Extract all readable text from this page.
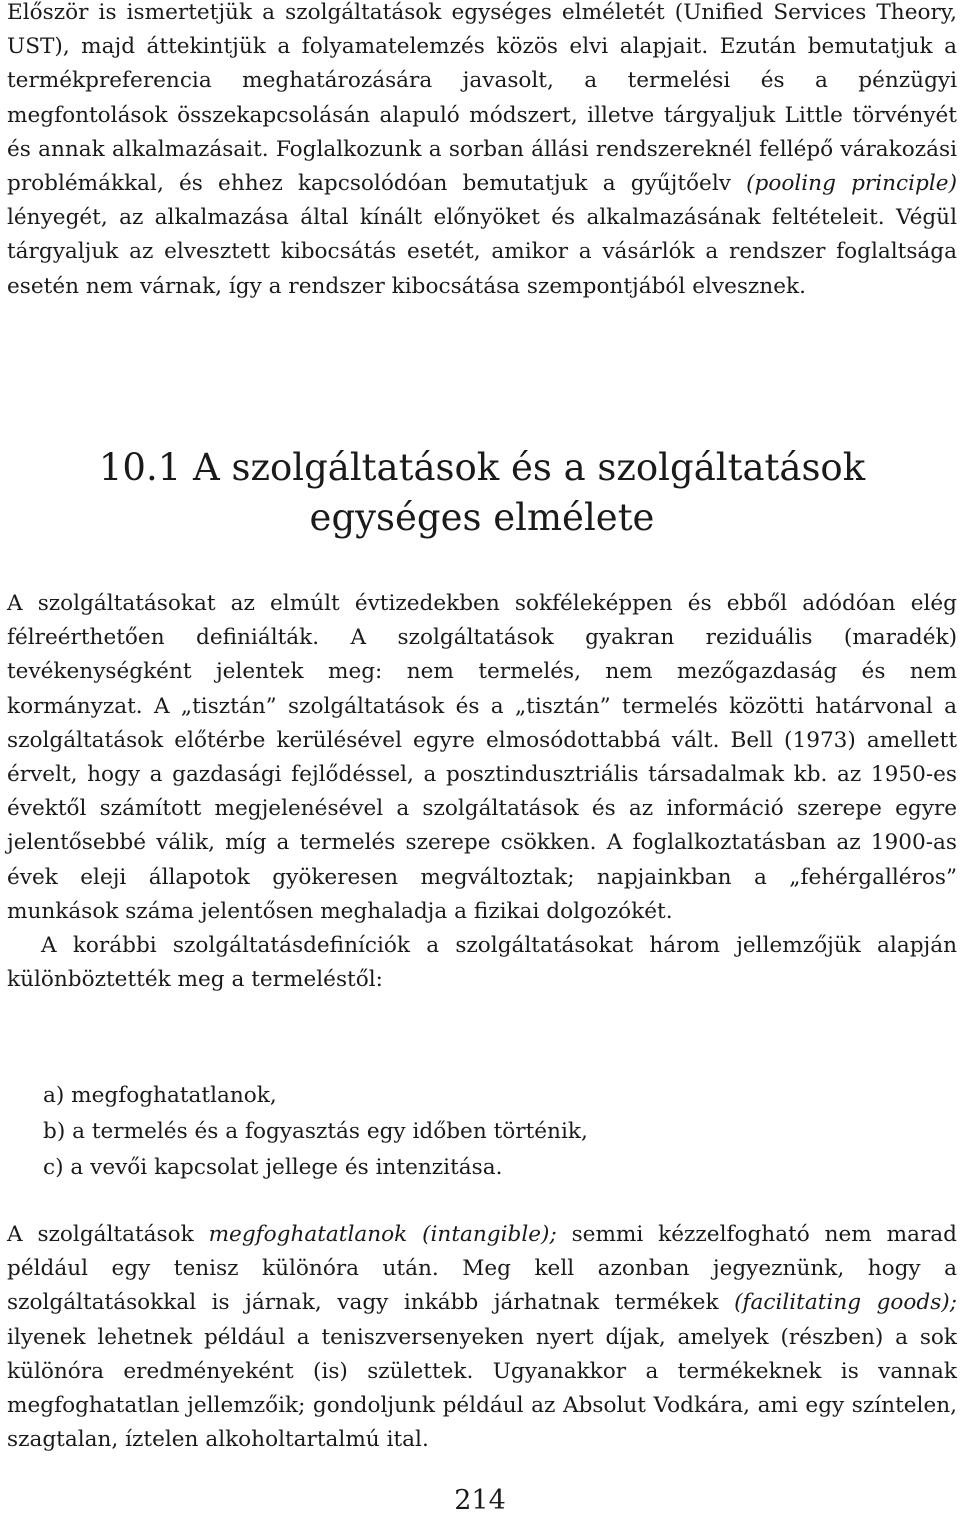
Először is ismertetjük a szolgáltatások egységes elméletét (Unified Services Theory, UST), majd áttekintjük a folyamatelemzés közös elvi alapjait. Ezután bemutatjuk a termékpreferencia meghatározására javasolt, a termelési és a pénzügyi megfontolások összekapcsolásán alapuló módszert, illetve tárgyaljuk Little törvényét és annak alkalmazásait. Foglalkozunk a sorban állási rendszereknél fellépő várakozási problémákkal, és ehhez kapcsolódóan bemutatjuk a gyűjtőelv (pooling principle) lényegét, az alkalmazása által kínált előnyöket és alkalmazásának feltételeit. Végül tárgyaljuk az elvesztett kibocsátás esetét, amikor a vásárlók a rendszer foglaltsága esetén nem várnak, így a rendszer kibocsátása szempontjából elvesznek.

10.1 A szolgáltatások és a szolgáltatások
egységes elmélete

A szolgáltatásokat az elmúlt évtizedekben sokféleképpen és ebből adódóan elég félreérthetően definiálták. A szolgáltatások gyakran reziduális (maradék) tevékenységként jelentek meg: nem termelés, nem mezőgazdaság és nem kormányzat. A „tisztán” szolgáltatások és a „tisztán” termelés közötti határvonal a szolgáltatások előtérbe kerülésével egyre elmosódottabbá vált. Bell (1973) amellett érvelt, hogy a gazdasági fejlődéssel, a posztindusztriális társadalmak kb. az 1950-es évektől számított megjelenésével a szolgáltatások és az információ szerepe egyre jelentősebbé válik, míg a termelés szerepe csökken. A foglalkoztatásban az 1900-as évek eleji állapotok gyökeresen megváltoztak; napjainkban a „fehérgalléros” munkások száma jelentősen meghaladja a fizikai dolgozókét.

A korábbi szolgáltatásdefiníciók a szolgáltatásokat három jellemzőjük alapján különböztették meg a termeléstől:

a) megfoghatatlanok,
b) a termelés és a fogyasztás egy időben történik,
c) a vevői kapcsolat jellege és intenzitása.

A szolgáltatások megfoghatatlanok (intangible); semmi kézzelfogható nem marad például egy tenisz különóra után. Meg kell azonban jegyeznünk, hogy a szolgáltatásokkal is járnak, vagy inkább járhatnak termékek (facilitating goods); ilyenek lehetnek például a teniszversenyeken nyert díjak, amelyek (részben) a sok különóra eredményeként (is) születtek. Ugyanakkor a termékeknek is vannak megfoghatatlan jellemzőik; gondoljunk például az Absolut Vodkára, ami egy színtelen, szagtalan, íztelen alkoholtartalmú ital.

214
